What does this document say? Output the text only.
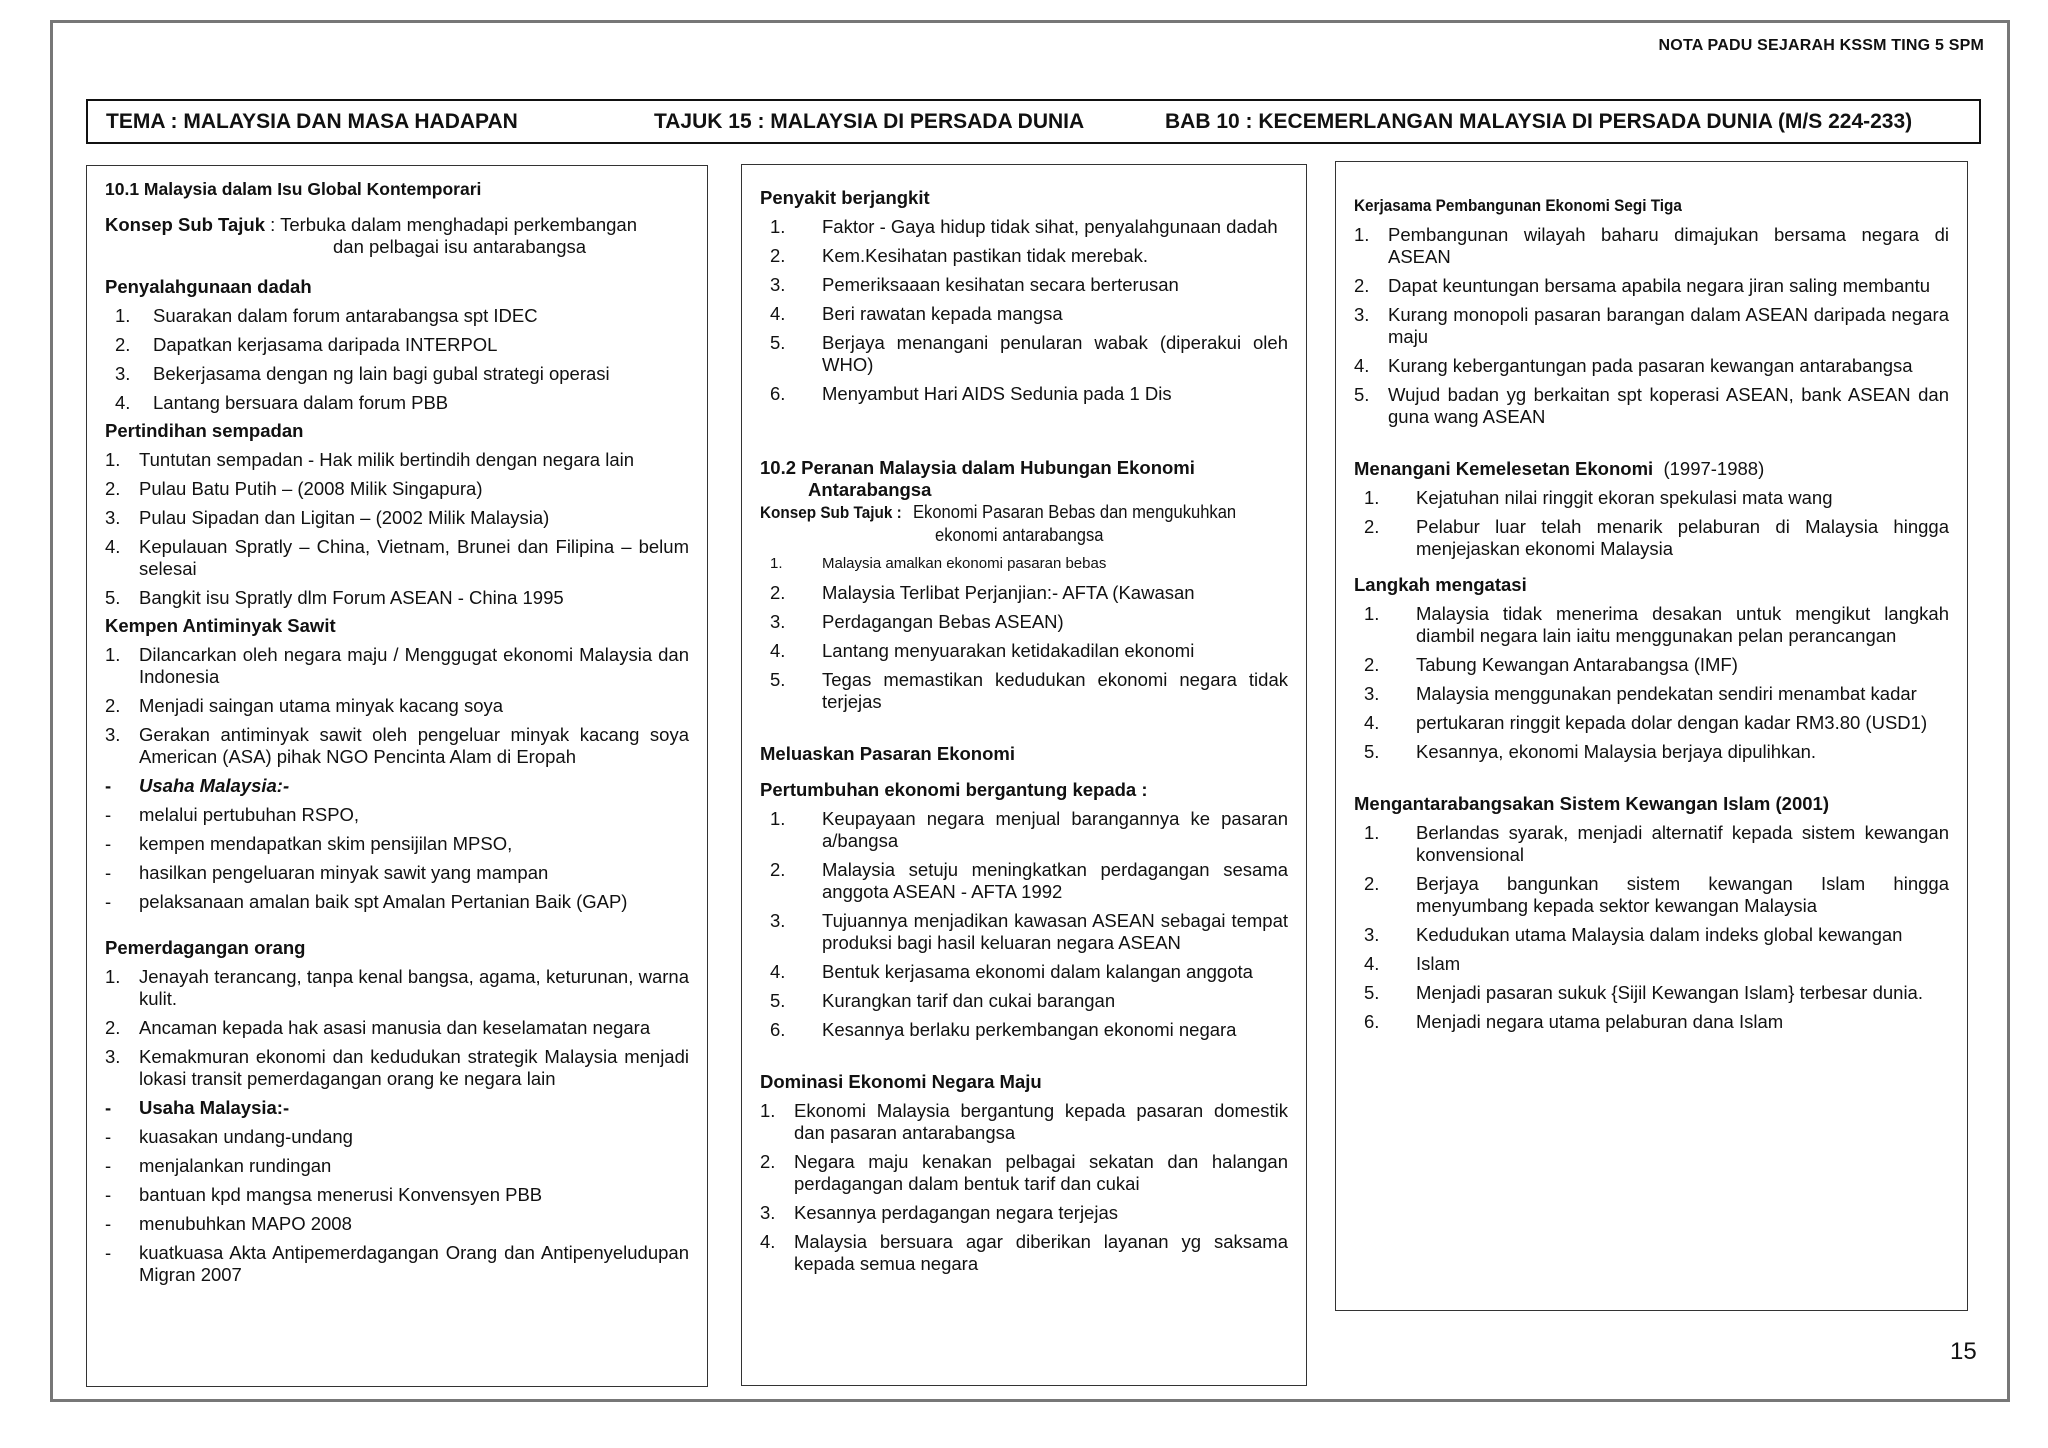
NOTA PADU SEJARAH KSSM TING 5 SPM
TEMA : MALAYSIA DAN MASA HADAPAN	TAJUK 15 : MALAYSIA DI PERSADA DUNIA	BAB 10 : KECEMERLANGAN MALAYSIA DI PERSADA DUNIA (M/S 224-233)
10.1 Malaysia dalam Isu Global Kontemporari
Konsep Sub Tajuk : Terbuka dalam menghadapi perkembangan
dan pelbagai isu antarabangsa
Penyalahgunaan dadah
1.	Suarakan dalam forum antarabangsa spt IDEC
2.	Dapatkan kerjasama daripada INTERPOL
3.	Bekerjasama dengan ng lain bagi gubal strategi operasi
4.	Lantang bersuara dalam forum PBB
Pertindihan sempadan
1.	Tuntutan sempadan - Hak milik bertindih dengan negara lain
2.	Pulau Batu Putih – (2008 Milik Singapura)
3.	Pulau Sipadan dan Ligitan – (2002 Milik Malaysia)
4.	Kepulauan Spratly – China, Vietnam, Brunei dan Filipina – belum selesai
5.	Bangkit isu Spratly dlm Forum ASEAN - China 1995
Kempen Antiminyak Sawit
1.	Dilancarkan oleh negara maju / Menggugat ekonomi Malaysia dan Indonesia
2.	Menjadi saingan utama minyak kacang soya
3.	Gerakan antiminyak sawit oleh pengeluar minyak kacang soya American (ASA) pihak NGO Pencinta Alam di Eropah
-	Usaha Malaysia:-
-	melalui pertubuhan RSPO,
-	kempen mendapatkan skim pensijilan MPSO,
-	hasilkan pengeluaran minyak sawit yang mampan
-	pelaksanaan amalan baik spt Amalan Pertanian Baik (GAP)
Pemerdagangan orang
1.	Jenayah terancang, tanpa kenal bangsa, agama, keturunan, warna kulit.
2.	Ancaman kepada hak asasi manusia dan keselamatan negara
3.	Kemakmuran ekonomi dan kedudukan strategik Malaysia menjadi lokasi transit pemerdagangan orang ke negara lain
-	Usaha Malaysia:-
-	kuasakan undang-undang
-	menjalankan rundingan
-	bantuan kpd mangsa menerusi Konvensyen PBB
-	menubuhkan MAPO 2008
-	kuatkuasa Akta Antipemerdagangan Orang dan Antipenyeludupan Migran 2007
Penyakit berjangkit
1.	Faktor - Gaya hidup tidak sihat, penyalahgunaan dadah
2.	Kem.Kesihatan pastikan tidak merebak.
3.	Pemeriksaaan kesihatan secara berterusan
4.	Beri rawatan kepada mangsa
5.	Berjaya menangani penularan wabak (diperakui oleh WHO)
6.	Menyambut Hari AIDS Sedunia pada 1 Dis
10.2 Peranan Malaysia dalam Hubungan Ekonomi
Antarabangsa
Konsep Sub Tajuk : Ekonomi Pasaran Bebas dan mengukuhkan
ekonomi antarabangsa
1.	Malaysia amalkan ekonomi pasaran bebas
2.	Malaysia Terlibat Perjanjian:- AFTA (Kawasan
3.	Perdagangan Bebas ASEAN)
4.	Lantang menyuarakan ketidakadilan ekonomi
5.	Tegas memastikan kedudukan ekonomi negara tidak terjejas
Meluaskan Pasaran Ekonomi
Pertumbuhan ekonomi bergantung kepada :
1.	Keupayaan negara menjual barangannya ke pasaran a/bangsa
2.	Malaysia setuju meningkatkan perdagangan sesama anggota ASEAN - AFTA 1992
3.	Tujuannya menjadikan kawasan ASEAN sebagai tempat produksi bagi hasil keluaran negara ASEAN
4.	Bentuk kerjasama ekonomi dalam kalangan anggota
5.	Kurangkan tarif dan cukai barangan
6.	Kesannya berlaku perkembangan ekonomi negara
Dominasi Ekonomi Negara Maju
1.	Ekonomi Malaysia bergantung kepada pasaran domestik dan pasaran antarabangsa
2.	Negara maju kenakan pelbagai sekatan dan halangan perdagangan dalam bentuk tarif dan cukai
3.	Kesannya perdagangan negara terjejas
4.	Malaysia bersuara agar diberikan layanan yg saksama kepada semua negara
Kerjasama Pembangunan Ekonomi Segi Tiga
1.	Pembangunan wilayah baharu dimajukan bersama negara di ASEAN
2.	Dapat keuntungan bersama apabila negara jiran saling membantu
3.	Kurang monopoli pasaran barangan dalam ASEAN daripada negara maju
4.	Kurang kebergantungan pada pasaran kewangan antarabangsa
5.	Wujud badan yg berkaitan spt koperasi ASEAN, bank ASEAN dan guna wang ASEAN
Menangani Kemelesetan Ekonomi (1997-1988)
1.	Kejatuhan nilai ringgit ekoran spekulasi mata wang
2.	Pelabur luar telah menarik pelaburan di Malaysia hingga menjejaskan ekonomi Malaysia
Langkah mengatasi
1.	Malaysia tidak menerima desakan untuk mengikut langkah diambil negara lain iaitu menggunakan pelan perancangan
2.	Tabung Kewangan Antarabangsa (IMF)
3.	Malaysia menggunakan pendekatan sendiri menambat kadar
4.	pertukaran ringgit kepada dolar dengan kadar RM3.80 (USD1)
5.	Kesannya, ekonomi Malaysia berjaya dipulihkan.
Mengantarabangsakan Sistem Kewangan Islam (2001)
1.	Berlandas syarak, menjadi alternatif kepada sistem kewangan konvensional
2.	Berjaya bangunkan sistem kewangan Islam hingga menyumbang kepada sektor kewangan Malaysia
3.	Kedudukan utama Malaysia dalam indeks global kewangan
4.	Islam
5.	Menjadi pasaran sukuk {Sijil Kewangan Islam} terbesar dunia.
6.	Menjadi negara utama pelaburan dana Islam
15
